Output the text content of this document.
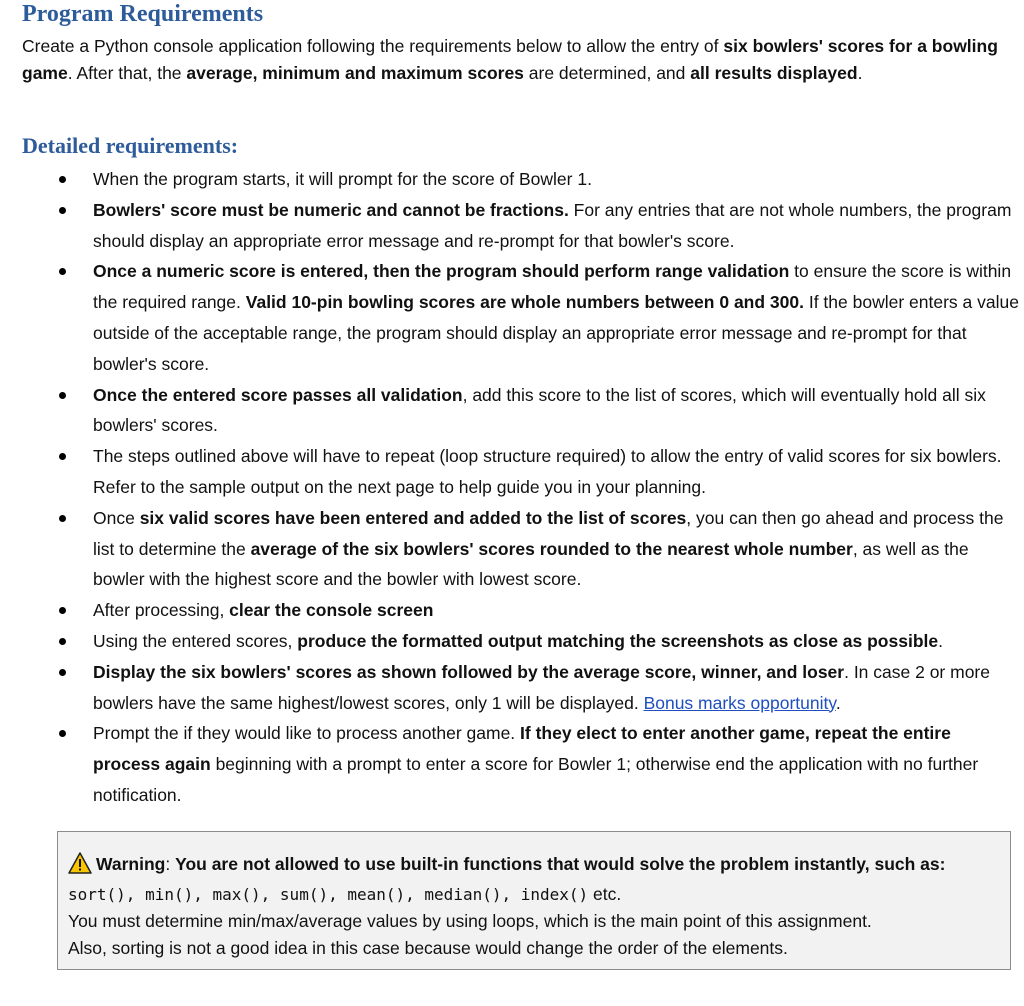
Program Requirements

Create a Python console application following the requirements below to allow the entry of six bowlers' scores for a bowling game. After that, the average, minimum and maximum scores are determined, and all results displayed.

Detailed requirements:
When the program starts, it will prompt for the score of Bowler 1.
Bowlers' score must be numeric and cannot be fractions. For any entries that are not whole numbers, the program should display an appropriate error message and re-prompt for that bowler's score.
Once a numeric score is entered, then the program should perform range validation to ensure the score is within the required range. Valid 10-pin bowling scores are whole numbers between 0 and 300. If the bowler enters a value outside of the acceptable range, the program should display an appropriate error message and re-prompt for that bowler's score.
Once the entered score passes all validation, add this score to the list of scores, which will eventually hold all six bowlers' scores.
The steps outlined above will have to repeat (loop structure required) to allow the entry of valid scores for six bowlers. Refer to the sample output on the next page to help guide you in your planning.
Once six valid scores have been entered and added to the list of scores, you can then go ahead and process the list to determine the average of the six bowlers' scores rounded to the nearest whole number, as well as the bowler with the highest score and the bowler with lowest score.
After processing, clear the console screen
Using the entered scores, produce the formatted output matching the screenshots as close as possible.
Display the six bowlers' scores as shown followed by the average score, winner, and loser. In case 2 or more bowlers have the same highest/lowest scores, only 1 will be displayed. Bonus marks opportunity.
Prompt the if they would like to process another game. If they elect to enter another game, repeat the entire process again beginning with a prompt to enter a score for Bowler 1; otherwise end the application with no further notification.
Warning: You are not allowed to use built-in functions that would solve the problem instantly, such as: sort(), min(), max(), sum(), mean(), median(), index() etc.
You must determine min/max/average values by using loops, which is the main point of this assignment.
Also, sorting is not a good idea in this case because would change the order of the elements.
